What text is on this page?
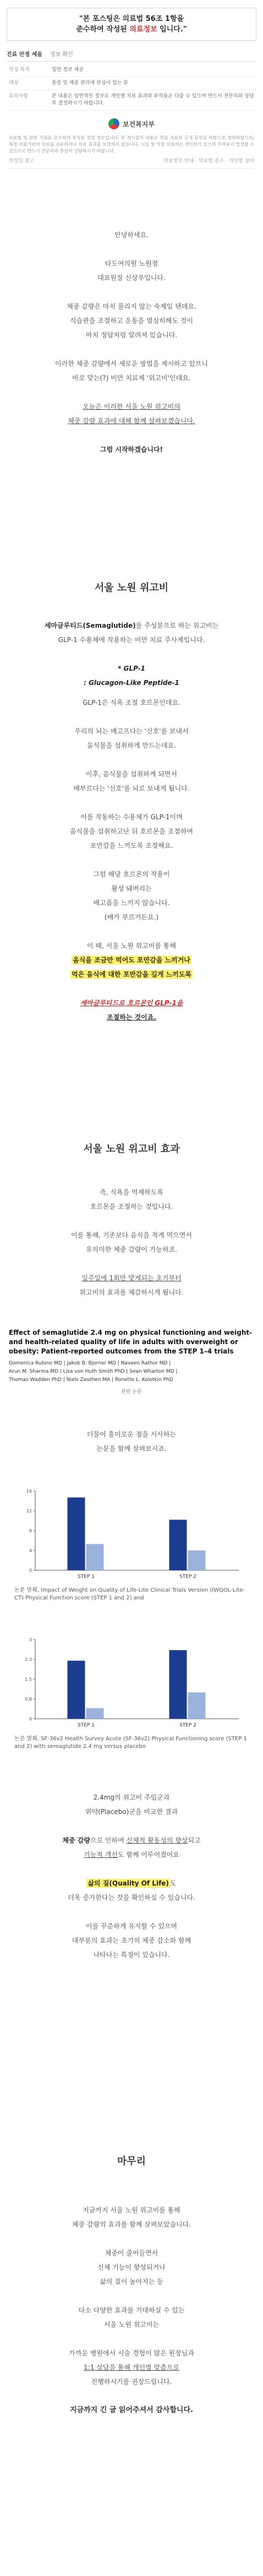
"본 포스팅은 의료법 56조 1항을
준수하여 작성된 의료정보 입니다."
진료 안정 세움 정보 확인
작성 목적	일반 정보 제공
대상	통증 및 체중 관리에 관심이 있는 분
유의사항	본 내용은 일반적인 정보로 개인별 치료 효과와 부작용은 다를 수 있으며 반드시 전문의와 상담 후 결정하시기 바랍니다.
보건복지부
의료법 및 관련 지침을 준수하여 작성된 건강 정보입니다. 본 게시물의 내용은 학술 자료와 공개 문헌을 바탕으로 정리하였으며, 특정 의료기관의 진료를 권유하거나 치료 효과를 보장하지 않습니다. 시술 및 약물 치료에는 개인차가 있으며 부작용이 발생할 수 있으므로 반드시 전문의와 충분히 상담하시기 바랍니다.
작성일 참고	의료정보 안내 · 의료법 준수 · 개인별 상이
안녕하세요.
타도여의원 노원점
대표원장 신상우입니다.
체중 감량은 마치 풀리지 않는 숙제일 텐데요.
식습관을 조절하고 운동을 열심히해도 것이
마치 정답처럼 알려져 있습니다.
이러한 체중 감량에서 새로운 방법을 제시하고 있으니
바로 맞는(?) 비만 치료제 '위고비'인데요.
오늘은 이러한 서울 노원 위고비의
체중 감량 효과에 대해 함께 살펴보겠습니다.
그럼 시작하겠습니다!
서울 노원 위고비
세마글루티드(Semaglutide)를 주성분으로 하는 위고비는
GLP-1 수용체에 작용하는 비만 치료 주사제입니다.
* GLP-1
: Glucagon-Like Peptide-1
GLP-1은 식욕 조절 호르몬인데요.
우리의 뇌는 배고프다는 '신호'를 보내서
음식물을 섭취하게 만드는데요.
이후, 음식물을 섭취하게 되면서
배부르다는 '신호'를 뇌로 보내게 됩니다.
이를 작동하는 수용체가 GLP-1이며
음식물을 섭취하고난 뒤 호르몬을 조절하여
포만감을 느끼도록 조절해요.
그럼 해당 호르몬의 작용이
활성 돼버리는
배고픔을 느끼지 않습니다.
(배가 부르거든요.)
이 때, 서울 노원 위고비를 통해
음식을 조금만 먹어도 포만감을 느끼거나
먹은 음식에 대한 포만감을 길게 느끼도록
세마글루티드로 호르몬인 GLP-1을
조절하는 것이죠.
서울 노원 위고비 효과
즉, 식욕을 억제하도록
호르몬을 조절하는 것입니다.
이를 통해, 기존보다 음식을 적게 먹으면서
유의미한 체중 감량이 가능하죠.
일주일에 1회만 맞게되는 초기부터
위고비의 효과를 체감하시게 됩니다.
Effect of semaglutide 2.4 mg on physical functioning and weight- and health-related quality of life in adults with overweight or obesity: Patient-reported outcomes from the STEP 1–4 trials
Domenica Rubino MD | Jakob B. Bjorner MD | Naveen Rathor MD |
Arun M. Sharma MD | Lisa von Huth Smith PhD | Sean Wharton MD |
Thomas Wadden PhD | Niels Zeuthen MA | Ronette L. Kolotkin PhD
관련 논문
더불어 흥미로운 점을 시사하는
논문을 함께 살펴보시죠.
0
4
8
12
16
STEP 1	STEP 2
논문 발췌, Impact of Weight on Quality of Life-Lite Clinical Trials Version (IWQOL-Lite-CT) Physical Function score (STEP 1 and 2) and
0
0.8
1.5
2.3
3
STEP 1	STEP 2
논문 발췌, SF-36v2 Health Survey Acute (SF-36v2) Physical Functioning score (STEP 1 and 2) with semaglutide 2.4 mg versus placebo
2.4mg의 위고비 주입군과
위약(Placebo)군을 비교한 결과
체중 감량으로 인하여 신체적 활동성의 향상되고
기능적 개선도 함께 이루어졌어요
삶의 질(Quality Of Life) 도
더욱 증가한다는 것을 확인하실 수 있습니다.
이를 꾸준하게 유지할 수 있으며
대부분의 효과는 초기의 체중 감소와 함께
나타나는 특징이 있습니다.
마무리
지금까지 서울 노원 위고비를 통해
체중 감량의 효과를 함께 살펴보았습니다.
체중이 줄어들면서
신체 기능이 향상되거나
삶의 질이 높아지는 등
다소 다양한 효과를 기대하실 수 있는
서울 노원 위고비는
가까운 병원에서 시술 경험이 많은 원장님과
1:1 상담을 통해 개인별 맞춤으로
진행하시기를 권장드립니다.
지금까지 긴 글 읽어주셔서 감사합니다.
